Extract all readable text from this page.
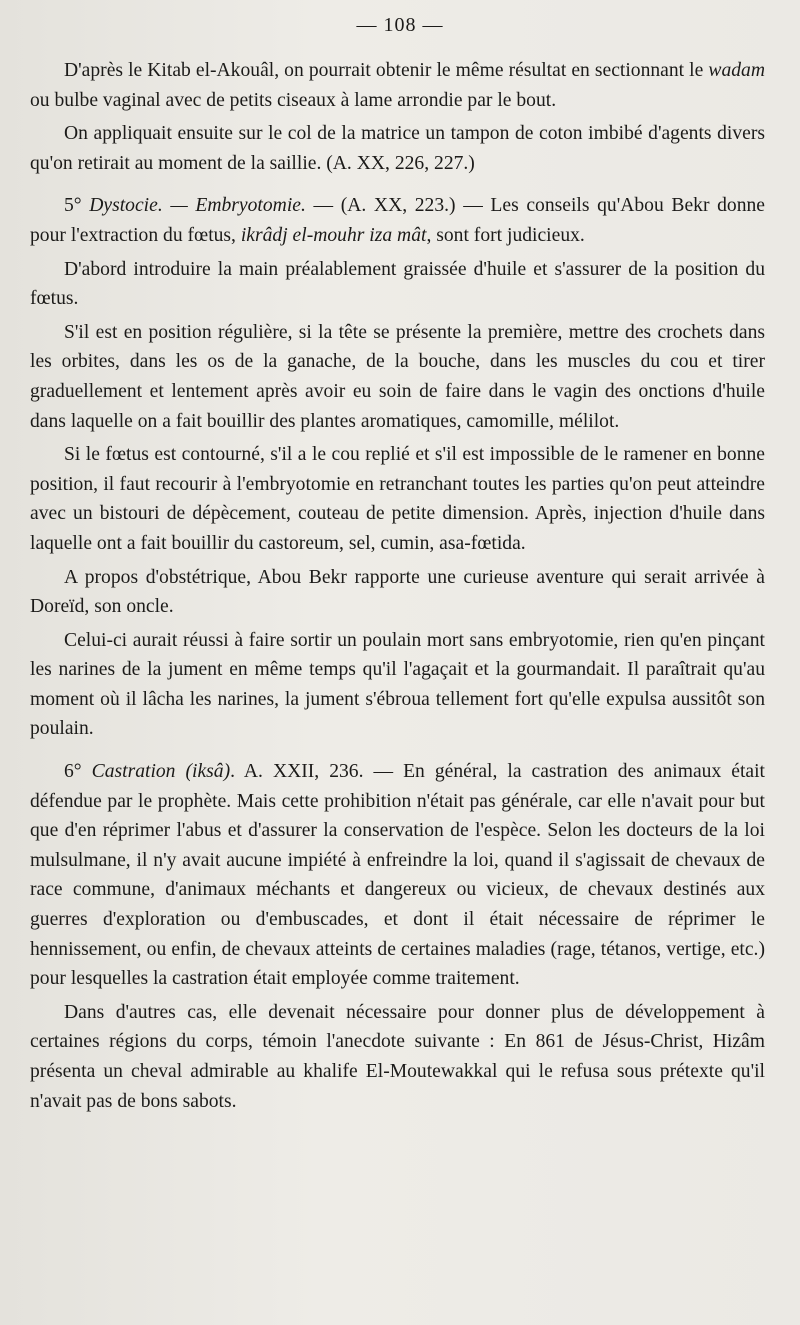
— 108 —

D'après le Kitab el-Akouâl, on pourrait obtenir le même résultat en sectionnant le wadam ou bulbe vaginal avec de petits ciseaux à lame arrondie par le bout.

On appliquait ensuite sur le col de la matrice un tampon de coton imbibé d'agents divers qu'on retirait au moment de la saillie. (A. XX, 226, 227.)

5° Dystocie. — Embryotomie. — (A. XX, 223.) — Les conseils qu'Abou Bekr donne pour l'extraction du fœtus, ikrâdj el-mouhr iza mât, sont fort judicieux.

D'abord introduire la main préalablement graissée d'huile et s'assurer de la position du fœtus.

S'il est en position régulière, si la tête se présente la première, mettre des crochets dans les orbites, dans les os de la ganache, de la bouche, dans les muscles du cou et tirer graduellement et lentement après avoir eu soin de faire dans le vagin des onctions d'huile dans laquelle on a fait bouillir des plantes aromatiques, camomille, mélilot.

Si le fœtus est contourné, s'il a le cou replié et s'il est impossible de le ramener en bonne position, il faut recourir à l'embryotomie en retranchant toutes les parties qu'on peut atteindre avec un bistouri de dépècement, couteau de petite dimension. Après, injection d'huile dans laquelle ont a fait bouillir du castoreum, sel, cumin, asa-fœtida.

A propos d'obstétrique, Abou Bekr rapporte une curieuse aventure qui serait arrivée à Doreïd, son oncle.

Celui-ci aurait réussi à faire sortir un poulain mort sans embryotomie, rien qu'en pinçant les narines de la jument en même temps qu'il l'agaçait et la gourmandait. Il paraîtrait qu'au moment où il lâcha les narines, la jument s'ébroua tellement fort qu'elle expulsa aussitôt son poulain.

6° Castration (iksâ). A. XXII, 236. — En général, la castration des animaux était défendue par le prophète. Mais cette prohibition n'était pas générale, car elle n'avait pour but que d'en réprimer l'abus et d'assurer la conservation de l'espèce. Selon les docteurs de la loi mulsulmane, il n'y avait aucune impiété à enfreindre la loi, quand il s'agissait de chevaux de race commune, d'animaux méchants et dangereux ou vicieux, de chevaux destinés aux guerres d'exploration ou d'embuscades, et dont il était nécessaire de réprimer le hennissement, ou enfin, de chevaux atteints de certaines maladies (rage, tétanos, vertige, etc.) pour lesquelles la castration était employée comme traitement.

Dans d'autres cas, elle devenait nécessaire pour donner plus de développement à certaines régions du corps, témoin l'anecdote suivante : En 861 de Jésus-Christ, Hizâm présenta un cheval admirable au khalife El-Moutewakkal qui le refusa sous prétexte qu'il n'avait pas de bons sabots.
